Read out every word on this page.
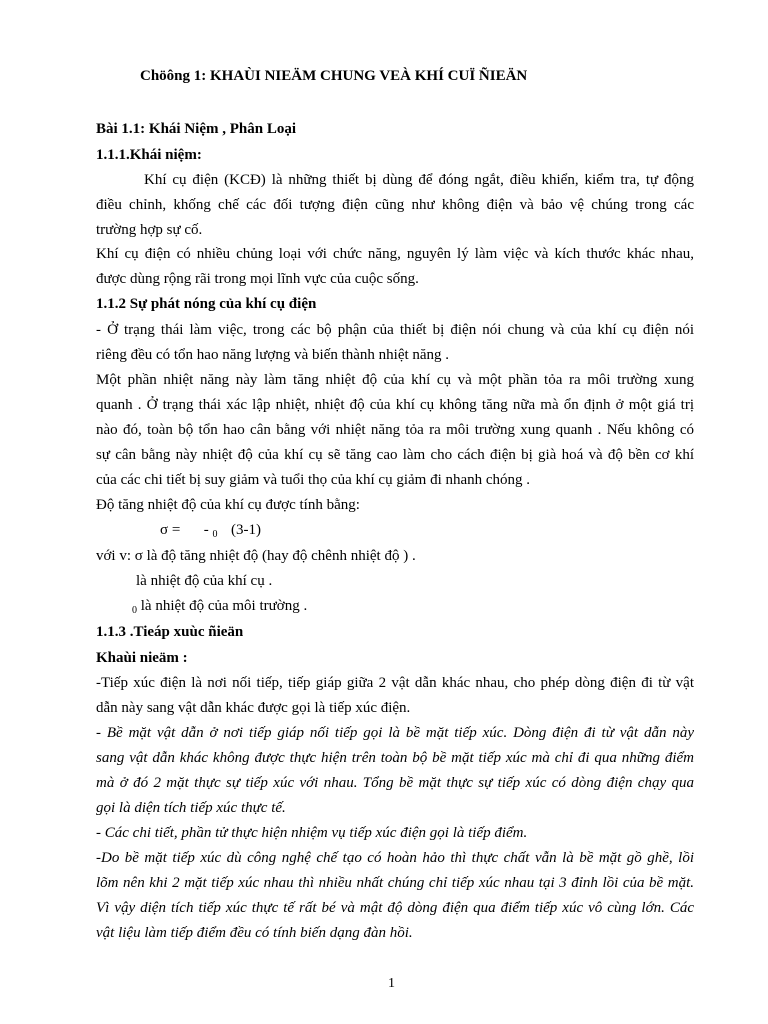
Chöông 1: KHAÙI NIEÄM CHUNG VEÀ KHÍ CUÏ ÑIEÄN
Bài 1.1: Khái Niệm , Phân Loại
1.1.1.Khái niệm:
Khí cụ điện (KCĐ) là những thiết bị dùng để đóng ngắt, điều khiển, kiểm tra, tự động
điều chỉnh, khống chế các đối tượng điện cũng như không điện và bảo vệ chúng trong các
trường hợp sự cố.
Khí cụ điện có nhiều chủng loại với chức năng, nguyên lý làm việc và kích thước khác nhau,
được dùng rộng rãi trong mọi lĩnh vực của cuộc sống.
1.1.2 Sự phát nóng của khí cụ điện
- Ở trạng thái làm việc, trong các bộ phận của thiết bị điện nói chung và của khí cụ điện nói
riêng đều có tổn hao năng lượng và biến thành nhiệt năng .
Một phần nhiệt năng này làm tăng nhiệt độ của khí cụ và một phần tỏa ra môi trường xung
quanh . Ở trạng thái xác lập nhiệt, nhiệt độ của khí cụ không tăng nữa mà ổn định ở một giá trị
nào đó, toàn bộ tổn hao cân bằng với nhiệt năng tỏa ra môi trường xung quanh . Nếu không có
sự cân bằng này nhiệt độ của khí cụ sẽ tăng cao làm cho cách điện bị già hoá và độ bền cơ khí
của các chi tiết bị suy giảm và tuổi thọ của khí cụ giảm đi nhanh chóng .
Độ tăng nhiệt độ của khí cụ được tính bằng:
σ = - $_0$ (3-1)
với v: σ là độ tăng nhiệt độ (hay độ chênh nhiệt độ ) .
là nhiệt độ của khí cụ .
$_0$ là nhiệt độ của môi trường .
1.1.3 .Tieáp xuùc ñieän
Khaùi nieäm :
-Tiếp xúc điện là nơi nối tiếp, tiếp giáp giữa 2 vật dẫn khác nhau, cho phép dòng điện đi từ vật
dẫn này sang vật dẫn khác được gọi là tiếp xúc điện.
- Bề mặt vật dẫn ở nơi tiếp giáp nối tiếp gọi là bề mặt tiếp xúc. Dòng điện đi từ vật dẫn này
sang vật dẫn khác không được thực hiện trên toàn bộ bề mặt tiếp xúc mà chỉ đi qua những điểm
mà ở đó 2 mặt thực sự tiếp xúc với nhau. Tổng bề mặt thực sự tiếp xúc có dòng điện chạy qua
gọi là diện tích tiếp xúc thực tế.
- Các chi tiết, phần tử thực hiện nhiệm vụ tiếp xúc điện gọi là tiếp điểm.
-Do bề mặt tiếp xúc dù công nghệ chế tạo có hoàn hảo thì thực chất vẫn là bề mặt gồ ghề, lồi
lõm nên khi 2 mặt tiếp xúc nhau thì nhiều nhất chúng chỉ tiếp xúc nhau tại 3 đỉnh lồi của bề mặt.
Vì vậy diện tích tiếp xúc thực tế rất bé và mật độ dòng điện qua điểm tiếp xúc vô cùng lớn. Các
vật liệu làm tiếp điểm đều có tính biến dạng đàn hồi.
1
